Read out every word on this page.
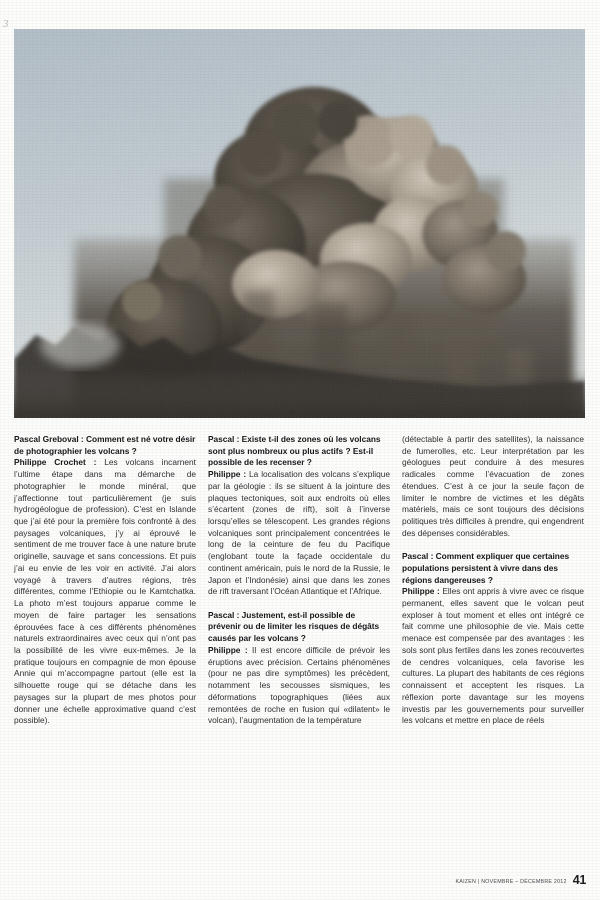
3

Pascal Greboval : Comment est né votre désir de photographier les volcans ?

Philippe Crochet : Les volcans incarnent l’ultime étape dans ma démarche de photographier le monde minéral, que j’affectionne tout particulièrement (je suis hydrogéologue de profession). C’est en Islande que j’ai été pour la première fois confronté à des paysages volcaniques, j’y ai éprouvé le sentiment de me trouver face à une nature brute originelle, sauvage et sans concessions. Et puis j’ai eu envie de les voir en activité. J’ai alors voyagé à travers d’autres régions, très différentes, comme l’Ethiopie ou le Kamtchatka. La photo m’est toujours apparue comme le moyen de faire partager les sensations éprouvées face à ces différents phénomènes naturels extraordinaires avec ceux qui n’ont pas la possibilité de les vivre eux-mêmes. Je la pratique toujours en compagnie de mon épouse Annie qui m’accompagne partout (elle est la silhouette rouge qui se détache dans les paysages sur la plupart de mes photos pour donner une échelle approximative quand c’est possible).

Pascal : Existe t-il des zones où les volcans sont plus nombreux ou plus actifs ? Est-il possible de les recenser ?

Philippe : La localisation des volcans s’explique par la géologie : ils se situent à la jointure des plaques tectoniques, soit aux endroits où elles s’écartent (zones de rift), soit à l’inverse lorsqu’elles se télescopent. Les grandes régions volcaniques sont principalement concentrées le long de la ceinture de feu du Pacifique (englobant toute la façade occidentale du continent américain, puis le nord de la Russie, le Japon et l’Indonésie) ainsi que dans les zones de rift traversant l’Océan Atlantique et l’Afrique.

Pascal : Justement, est-il possible de prévenir ou de limiter les risques de dégâts causés par les volcans ?

Philippe : Il est encore difficile de prévoir les éruptions avec précision. Certains phénomènes (pour ne pas dire symptômes) les précèdent, notamment les secousses sismiques, les déformations topographiques (liées aux remontées de roche en fusion qui «dilatent» le volcan), l’augmentation de la température

(détectable à partir des satellites), la naissance de fumerolles, etc. Leur interprétation par les géologues peut conduire à des mesures radicales comme l’évacuation de zones étendues. C’est à ce jour la seule façon de limiter le nombre de victimes et les dégâts matériels, mais ce sont toujours des décisions politiques très difficiles à prendre, qui engendrent des dépenses considérables.

Pascal : Comment expliquer que certaines populations persistent à vivre dans des régions dangereuses ?

Philippe : Elles ont appris à vivre avec ce risque permanent, elles savent que le volcan peut exploser à tout moment et elles ont intégré ce fait comme une philosophie de vie. Mais cette menace est compensée par des avantages : les sols sont plus fertiles dans les zones recouvertes de cendres volcaniques, cela favorise les cultures. La plupart des habitants de ces régions connaissent et acceptent les risques. La réflexion porte davantage sur les moyens investis par les gouvernements pour surveiller les volcans et mettre en place de réels

KAIZEN | NOVEMBRE – DÉCEMBRE 2012 41
